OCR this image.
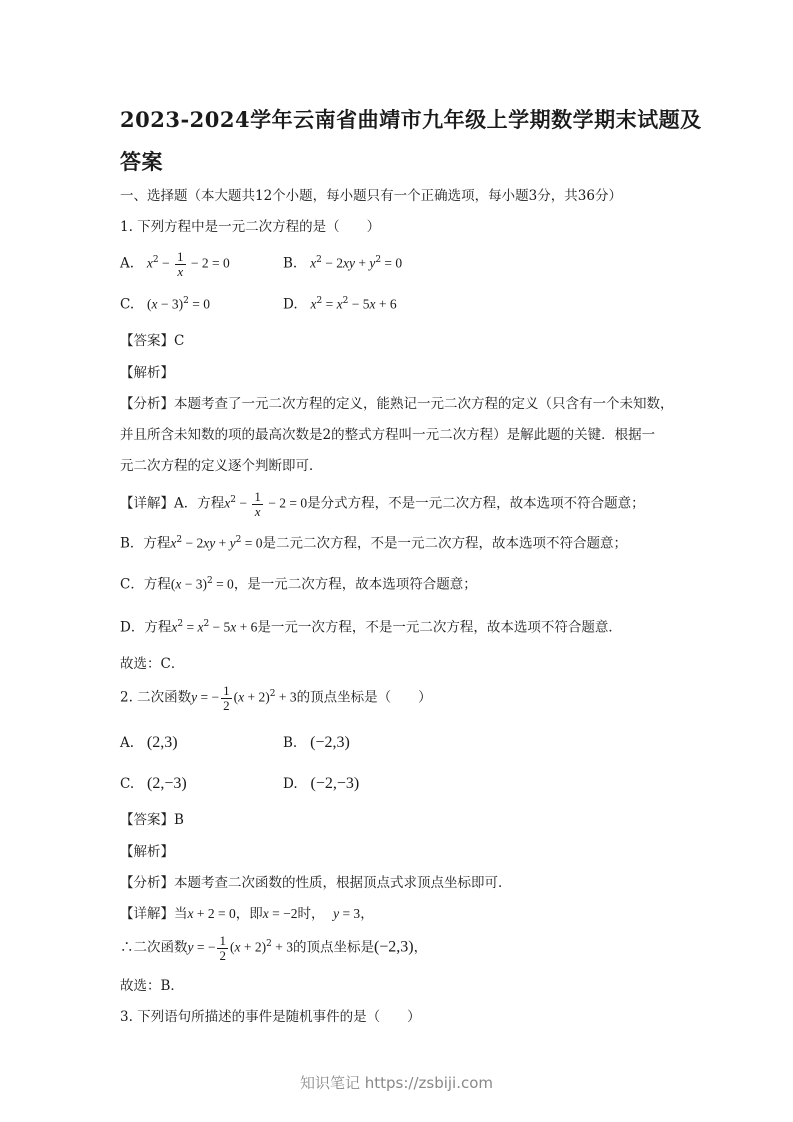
2023-2024学年云南省曲靖市九年级上学期数学期末试题及
答案
一、选择题（本大题共12个小题，每小题只有一个正确选项，每小题3分，共36分）
1. 下列方程中是一元二次方程的是（　　）
A. $x^2 - \frac{1}{x} - 2 = 0$	B. $x^2 - 2xy + y^2 = 0$
C. $(x - 3)^2 = 0$	D. $x^2 = x^2 - 5x + 6$
【答案】C
【解析】
【分析】本题考查了一元二次方程的定义，能熟记一元二次方程的定义（只含有一个未知数，
并且所含未知数的项的最高次数是2的整式方程叫一元二次方程）是解此题的关键．根据一
元二次方程的定义逐个判断即可．
【详解】A．方程$x^2 - \frac{1}{x} - 2 = 0$是分式方程，不是一元二次方程，故本选项不符合题意；
B．方程$x^2 - 2xy + y^2 = 0$是二元二次方程，不是一元二次方程，故本选项不符合题意；
C．方程$(x - 3)^2 = 0$，是一元二次方程，故本选项符合题意；
D．方程$x^2 = x^2 - 5x + 6$是一元一次方程，不是一元二次方程，故本选项不符合题意．
故选：C．
2. 二次函数y = − $\frac{1}{2} (x + 2)^2 + 3$的顶点坐标是（　　）
A. (2,3)	B. (−2,3)
C. (2,−3)	D. (−2,−3)
【答案】B
【解析】
【分析】本题考查二次函数的性质，根据顶点式求顶点坐标即可．
【详解】当x + 2 = 0，即x = −2时， y = 3，
∴二次函数y = − $\frac{1}{2} (x + 2)^2 + 3$的顶点坐标是(−2,3)，
故选：B．
3. 下列语句所描述的事件是随机事件的是（　　）
知识笔记 https://zsbiji.com
